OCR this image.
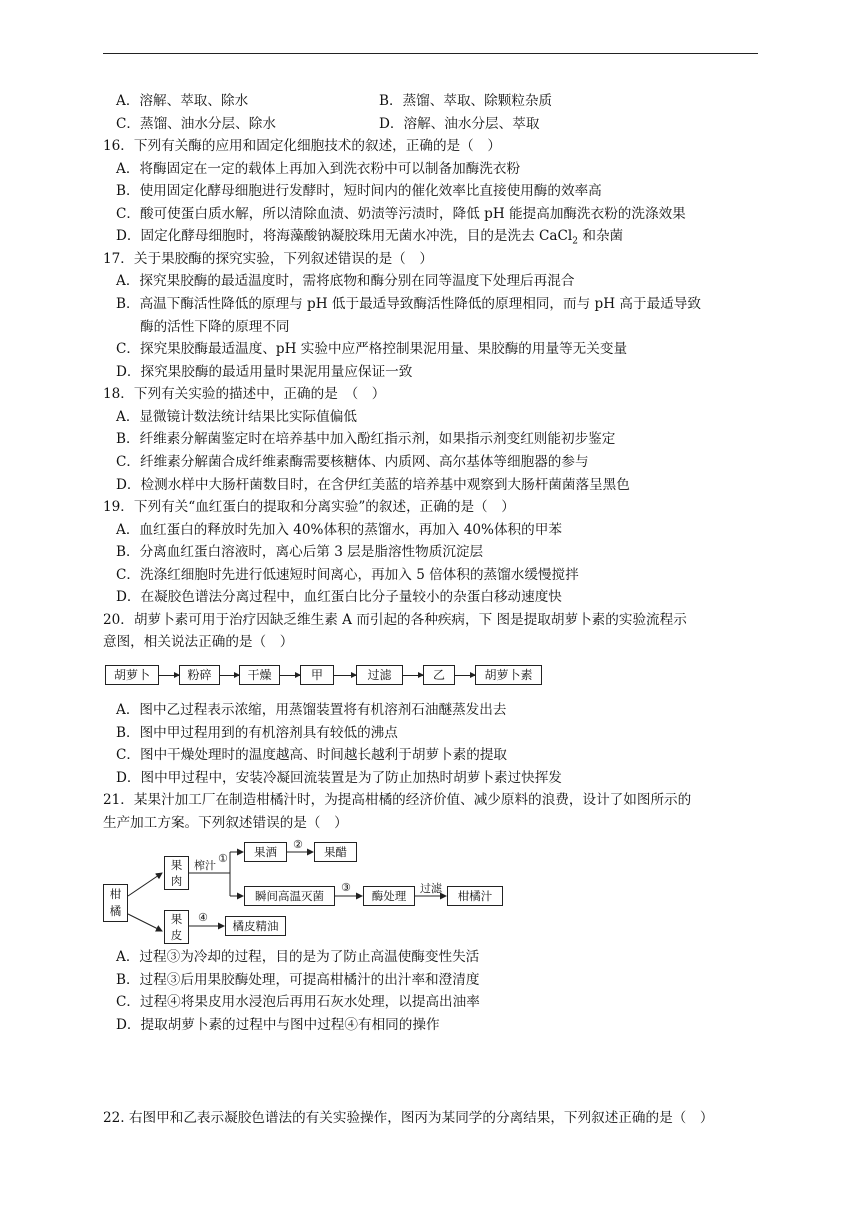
A．溶解、萃取、除水	B．蒸馏、萃取、除颗粒杂质
C．蒸馏、油水分层、除水	D．溶解、油水分层、萃取
16．下列有关酶的应用和固定化细胞技术的叙述，正确的是（　）
A．将酶固定在一定的载体上再加入到洗衣粉中可以制备加酶洗衣粉
B．使用固定化酵母细胞进行发酵时，短时间内的催化效率比直接使用酶的效率高
C．酸可使蛋白质水解，所以清除血渍、奶渍等污渍时，降低 pH 能提高加酶洗衣粉的洗涤效果
D．固定化酵母细胞时，将海藻酸钠凝胶珠用无菌水冲洗，目的是洗去 CaCl$_2$ 和杂菌
17．关于果胶酶的探究实验，下列叙述错误的是（　）
A．探究果胶酶的最适温度时，需将底物和酶分别在同等温度下处理后再混合
B．高温下酶活性降低的原理与 pH 低于最适导致酶活性降低的原理相同，而与 pH 高于最适导致
酶的活性下降的原理不同
C．探究果胶酶最适温度、pH 实验中应严格控制果泥用量、果胶酶的用量等无关变量
D．探究果胶酶的最适用量时果泥用量应保证一致
18．下列有关实验的描述中，正确的是　（　）
A．显微镜计数法统计结果比实际值偏低
B．纤维素分解菌鉴定时在培养基中加入酚红指示剂，如果指示剂变红则能初步鉴定
C．纤维素分解菌合成纤维素酶需要核糖体、内质网、高尔基体等细胞器的参与
D．检测水样中大肠杆菌数目时，在含伊红美蓝的培养基中观察到大肠杆菌菌落呈黑色
19．下列有关“血红蛋白的提取和分离实验”的叙述，正确的是（　）
A．血红蛋白的释放时先加入 40%体积的蒸馏水，再加入 40%体积的甲苯
B．分离血红蛋白溶液时，离心后第 3 层是脂溶性物质沉淀层
C．洗涤红细胞时先进行低速短时间离心，再加入 5 倍体积的蒸馏水缓慢搅拌
D．在凝胶色谱法分离过程中，血红蛋白比分子量较小的杂蛋白移动速度快
20．胡萝卜素可用于治疗因缺乏维生素 A 而引起的各种疾病，下 图是提取胡萝卜素的实验流程示
意图，相关说法正确的是（　）
胡萝卜	粉碎	干燥	甲	过滤	乙	胡萝卜素
A．图中乙过程表示浓缩，用蒸馏装置将有机溶剂石油醚蒸发出去
B．图中甲过程用到的有机溶剂具有较低的沸点
C．图中干燥处理时的温度越高、时间越长越利于胡萝卜素的提取
D．图中甲过程中，安装冷凝回流装置是为了防止加热时胡萝卜素过快挥发
21．某果汁加工厂在制造柑橘汁时，为提高柑橘的经济价值、减少原料的浪费，设计了如图所示的
生产加工方案。下列叙述错误的是（　）
柑橘
果肉
果皮
榨汁
①	果酒
②
果醋
瞬间高温灭菌
③
酶处理
过滤
柑橘汁
④
橘皮精油
A．过程③为冷却的过程，目的是为了防止高温使酶变性失活
B．过程③后用果胶酶处理，可提高柑橘汁的出汁率和澄清度
C．过程④将果皮用水浸泡后再用石灰水处理，以提高出油率
D．提取胡萝卜素的过程中与图中过程④有相同的操作
22. 右图甲和乙表示凝胶色谱法的有关实验操作，图丙为某同学的分离结果，下列叙述正确的是（　）
